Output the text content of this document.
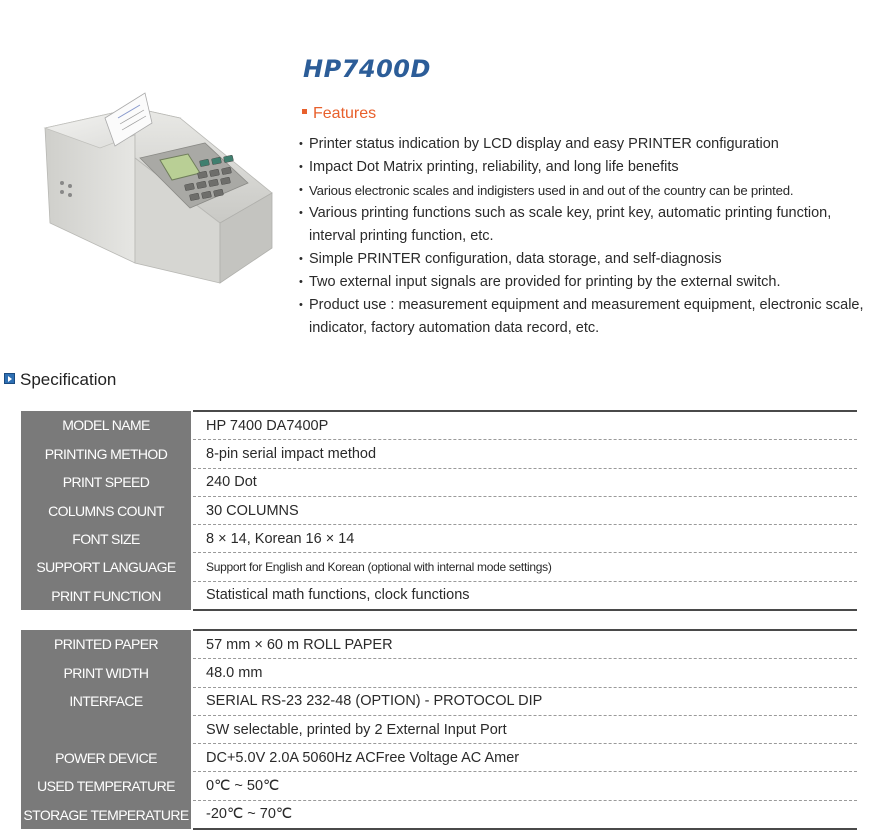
HP7400D
Features
• Printer status indication by LCD display and easy PRINTER configuration
• Impact Dot Matrix printing, reliability, and long life benefits
• Various electronic scales and indigisters used in and out of the country can be printed.
• Various printing functions such as scale key, print key, automatic printing function, interval printing function, etc.
• Simple PRINTER configuration, data storage, and self-diagnosis
• Two external input signals are provided for printing by the external switch.
• Product use : measurement equipment and measurement equipment, electronic scale, indicator, factory automation data record, etc.
Specification
MODEL NAME		HP 7400 DA7400P
PRINTING METHOD		8-pin serial impact method
PRINT SPEED		240 Dot
COLUMNS COUNT		30 COLUMNS
FONT SIZE		8 × 14, Korean 16 × 14
SUPPORT LANGUAGE		Support for English and Korean (optional with internal mode settings)
PRINT FUNCTION		Statistical math functions, clock functions
PRINTED PAPER		57 mm × 60 m ROLL PAPER
PRINT WIDTH		48.0 mm
INTERFACE		SERIAL RS-23 232-48 (OPTION) - PROTOCOL DIP
		SW selectable, printed by 2 External Input Port
POWER DEVICE		DC+5.0V 2.0A 5060Hz ACFree Voltage AC Amer
USED TEMPERATURE		0℃ ~ 50℃
STORAGE TEMPERATURE		-20℃ ~ 70℃
